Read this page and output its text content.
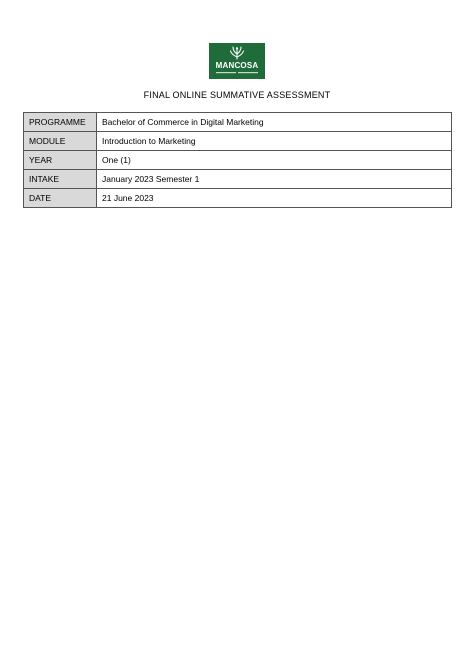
MANCOSA
FINAL ONLINE SUMMATIVE ASSESSMENT
PROGRAMME	Bachelor of Commerce in Digital Marketing
MODULE	Introduction to Marketing
YEAR	One (1)
INTAKE	January 2023 Semester 1
DATE	21 June 2023
